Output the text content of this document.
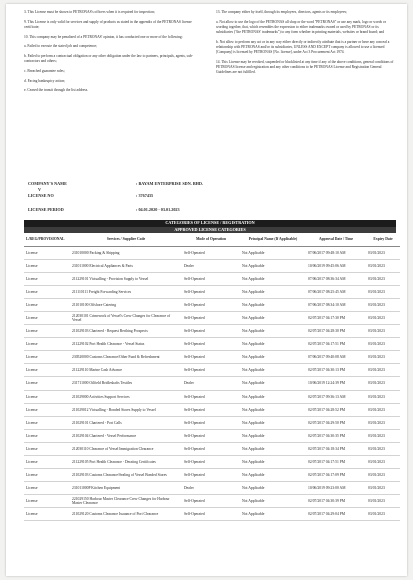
3. This License must be shown to PETRONAS's officers when it is required for inspection;

9. This License is only valid for services and supply of products as stated in the appendix of the PETRONAS license certificate;

10. This company may be penalized of a PETRONAS' opinion, it has conducted one or more of the following:

a. Failed to execute the stated job and competence;

b. Failed to perform a contractual obligation or any other obligation under the law to partners, principals, agents, sub-contractors and others;

c. Breached guarantee rules;

d. Facing bankruptcy action;

e. Ceased the transit through the list address.

13. The company either by itself, through its employees, directors, agents or its employees;

a. Not allow to use the logo of the PETRONAS all shop or the word "PETRONAS" or use any mark, logo or words or wording together, that, which resembles the expression to either trademarks owned or used by PETRONAS or its subsidiaries ("the PETRONAS' trademarks") to any form whether in printing materials, websites or brand board; and

b. Not allow to perform any act or in any way either directly or indirectly attribute that is a partner or have any conceal a relationship with PETRONAS and/or its subsidiaries, UNLESS AND EXCEPT company is allowed to use a licensed [Company] is licensed by PETRONAS [No. license], under Act 3 Procurement Act 1974.

14. This License may be revoked, suspended or blacklisted at any time if any of the above conditions, general conditions of PETRONAS license and registration and any other conditions to be PETRONAS License and Registration General Guidelines are not fulfilled.

COMPANY'S NAME	: BAYAM ENTERPRISE SDN. BHD.
V
LICENSE NO	: 3767435
LICENSE PERIOD	: 04.01.2020 - 03.01.2023
CATEGORIES OF LICENSE / REGISTRATION
APPROVED LICENSE CATEGORIES
L/REG/PROVISIONAL	Services / Supplier Code	Mode of Operation	Principal Name (If Applicable)	Approval Date / Time	Expiry Date
License	231010000 Packing & Shipping	Self-Operated	Not Applicable	07/06/2017 09:48:10 AM	03/01/2023
License	231011000 Electrical Appliances & Parts	Dealer	Not Applicable	10/06/2019 09:45:06 AM	03/01/2023
License	211229101 Victualling - Provision Supply to Vessel	Self-Operated	Not Applicable	07/06/2017 08:36:34 AM	03/01/2023
License	211110111 Freight Forwarding Services	Self-Operated	Not Applicable	07/06/2017 08:25:45 AM	03/01/2023
License	211010100 Offshore Catering	Self-Operated	Not Applicable	07/06/2017 08:34:10 AM	03/01/2023
License	212030101 Crimework of Vessel's Crew Changes for Clearance of Vessel	Self-Operated	Not Applicable	02/07/2017 04:17:30 PM	03/01/2023
License	211029103 Chartered - Request Berthing Prospects	Self-Operated	Not Applicable	02/07/2017 04:28:30 PM	03/01/2023
License	211229102 Port Health Clearance - Vessel Status	Self-Operated	Not Applicable	02/07/2017 04:17:51 PM	03/01/2023
License	230520000 Customs Clearance/Other Fund & Refreshment	Self-Operated	Not Applicable	07/06/2017 09:40:08 AM	03/01/2023
License	211229110 Marine Cash Advance	Self-Operated	Not Applicable	02/07/2017 04:30:13 PM	03/01/2023
License	231711000 Oilfield Bridleshafts Textiles	Dealer	Not Applicable	10/06/2019 12:24:39 PM	03/01/2023
License	211029000 Activities Support Services	Self-Operated	Not Applicable	02/07/2017 09:36:13 AM	03/01/2023
License	211029012 Victualling - Bonded Stores Supply to Vessel	Self-Operated	Not Applicable	02/07/2017 04:28:52 PM	03/01/2023
License	211029101 Chartered - Port Calls	Self-Operated	Not Applicable	02/07/2017 04:29:50 PM	03/01/2023
License	211029104 Chartered - Vessel Performance	Self-Operated	Not Applicable	02/07/2017 04:30:35 PM	03/01/2023
License	212030110 Clearance of Vessel Immigration Clearance	Self-Operated	Not Applicable	02/07/2017 04:18:34 PM	03/01/2023
License	211229105 Port Health Clearance - Derating Certificates	Self-Operated	Not Applicable	02/07/2017 04:17:51 PM	03/01/2023
License	211029103 Customs Clearance/Sealing of Vessel Bonded Stores	Self-Operated	Not Applicable	02/07/2017 04:17:09 PM	03/01/2023
License	231011000P Kitchen Equipment	Dealer	Not Applicable	10/06/2019 09:23:00 AM	03/01/2023
License	221029150 Harbour Master Clearance Crew Changes for Harbour Master Clearance	Self-Operated	Not Applicable	02/07/2017 04:30:39 PM	03/01/2023
License	211029120 Customs Clearance Issuance of Port Clearance	Self-Operated	Not Applicable	02/07/2017 04:29:04 PM	03/01/2023
